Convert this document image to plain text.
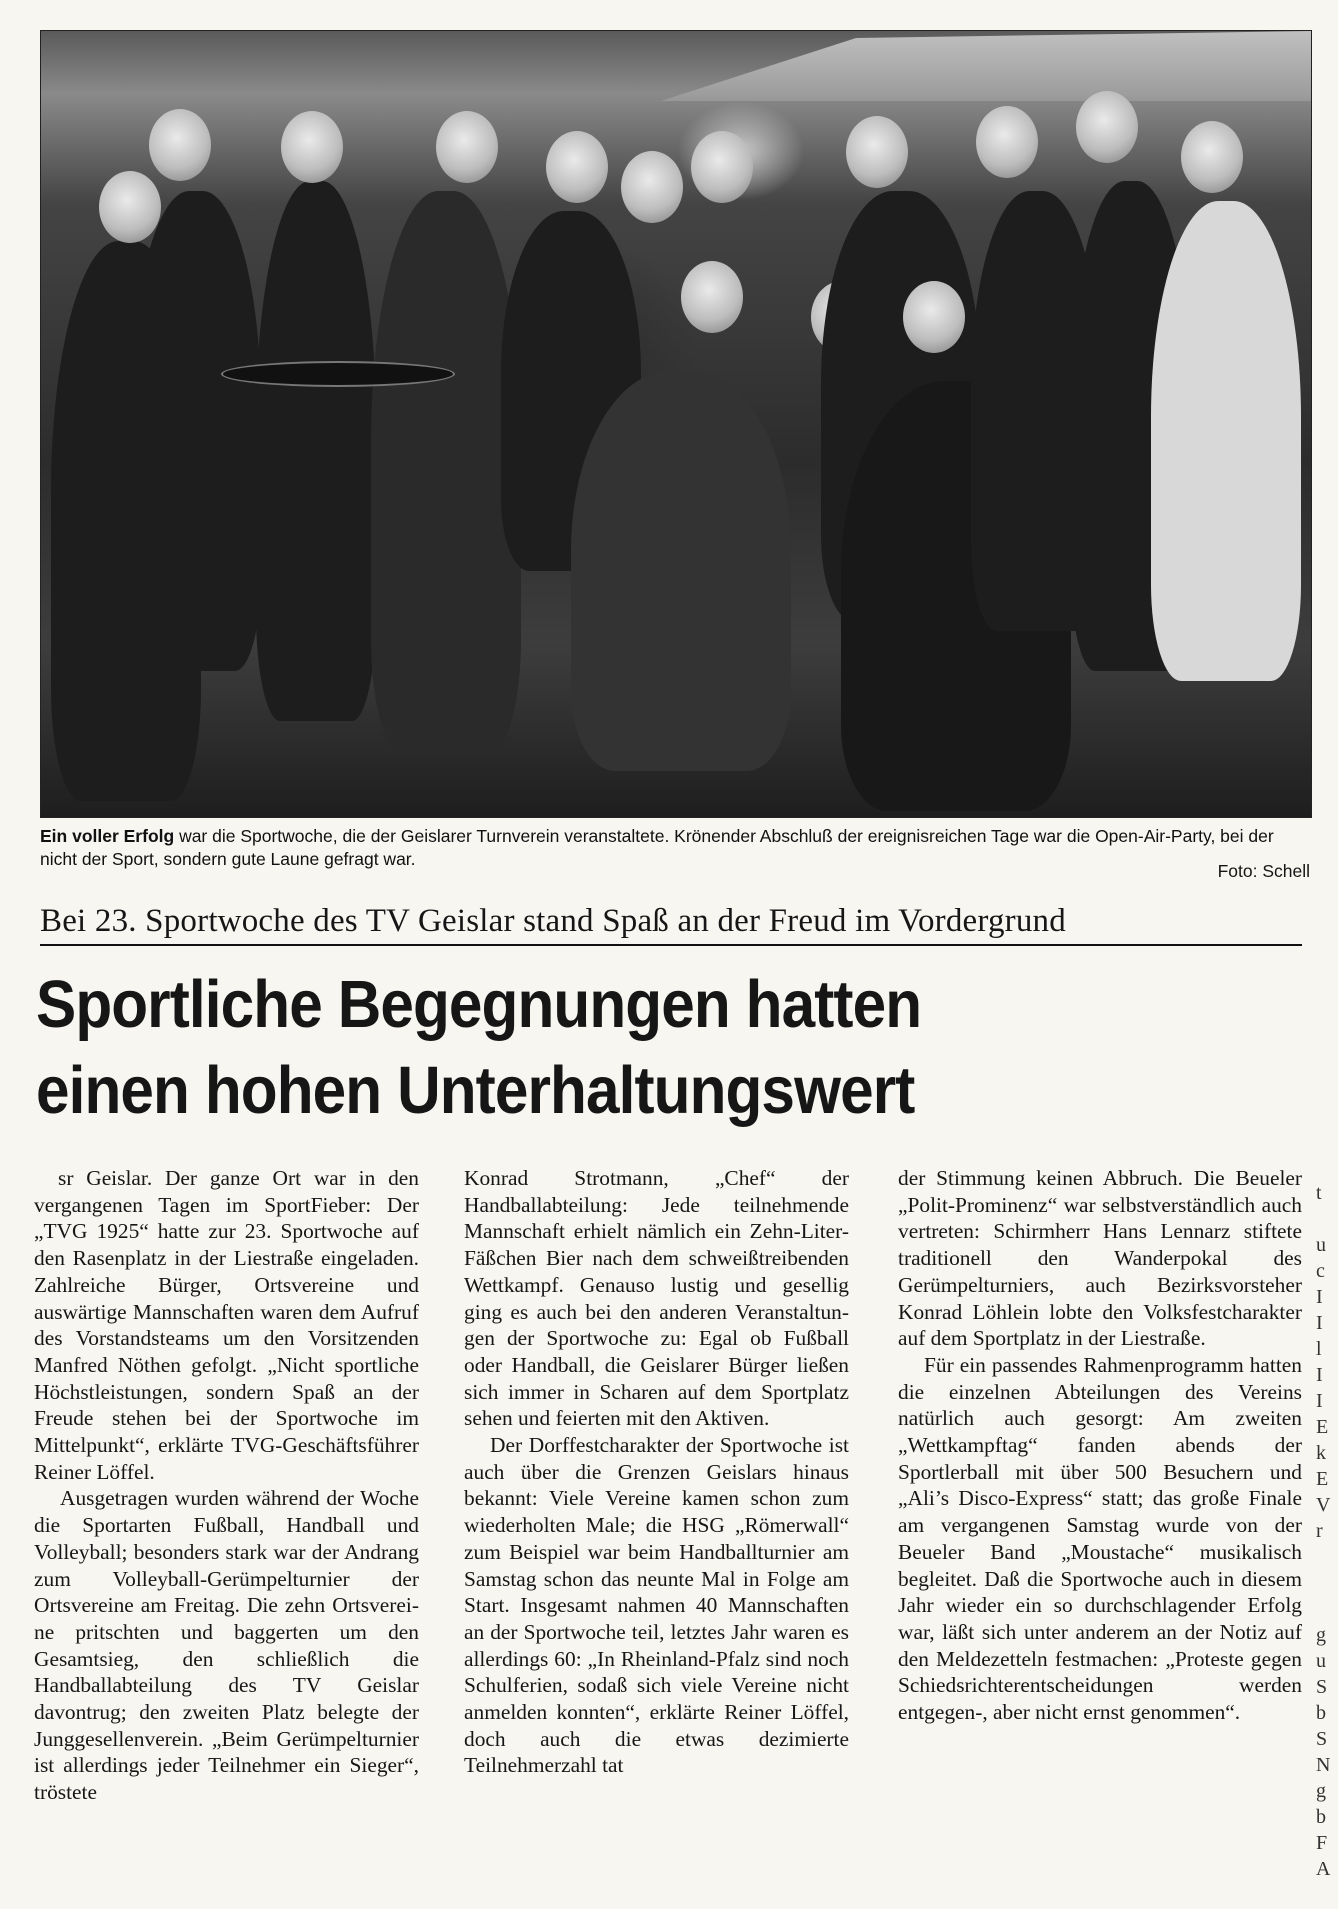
Ein voller Erfolg war die Sportwoche, die der Geislarer Turnverein veranstaltete. Krönender Abschluß der ereignisreichen Tage war die Open-Air-Party, bei der nicht der Sport, sondern gute Laune gefragt war.
Foto: Schell
Bei 23. Sportwoche des TV Geislar stand Spaß an der Freud im Vordergrund
Sportliche Begegnungen hatten
einen hohen Unterhaltungswert

sr Geislar. Der ganze Ort war in den vergangenen Tagen im SportFieber: Der „TVG 1925“ hatte zur 23. Sportwoche auf den Rasenplatz in der Liestraße eingeladen. Zahlreiche Bürger, Ortsvereine und auswärtige Mannschaften waren dem Aufruf des Vorstandsteams um den Vorsitzenden Manfred Nöthen gefolgt. „Nicht sportliche Höchstleistungen, sondern Spaß an der Freude stehen bei der Sportwoche im Mittelpunkt“, erklärte TVG-Geschäftsführer Reiner Löffel.

Ausgetragen wurden während der Woche die Sportarten Fußball, Handball und Volleyball; besonders stark war der Andrang zum Volleyball-Gerümpelturnier der Ortsvereine am Freitag. Die zehn Ortsvereine pritschten und baggerten um den Gesamtsieg, den schließlich die Handballabteilung des TV Geislar davontrug; den zweiten Platz belegte der Junggesellenverein. „Beim Gerümpelturnier ist allerdings jeder Teilnehmer ein Sieger“, tröstete

Konrad Strotmann, „Chef“ der Handballabteilung: Jede teilnehmende Mannschaft erhielt nämlich ein Zehn-Liter-Fäßchen Bier nach dem schweißtreibenden Wettkampf. Genauso lustig und gesellig ging es auch bei den anderen Veranstaltungen der Sportwoche zu: Egal ob Fußball oder Handball, die Geislarer Bürger ließen sich immer in Scharen auf dem Sportplatz sehen und feierten mit den Aktiven.

Der Dorffestcharakter der Sportwoche ist auch über die Grenzen Geislars hinaus bekannt: Viele Vereine kamen schon zum wiederholten Male; die HSG „Römerwall“ zum Beispiel war beim Handballturnier am Samstag schon das neunte Mal in Folge am Start. Insgesamt nahmen 40 Mannschaften an der Sportwoche teil, letztes Jahr waren es allerdings 60: „In Rheinland-Pfalz sind noch Schulferien, sodaß sich viele Vereine nicht anmelden konnten“, erklärte Reiner Löffel, doch auch die etwas dezimierte Teilnehmerzahl tat

der Stimmung keinen Abbruch. Die Beueler „Polit-Prominenz“ war selbstverständlich auch vertreten: Schirmherr Hans Lennarz stiftete traditionell den Wanderpokal des Gerümpelturniers, auch Bezirksvorsteher Konrad Löhlein lobte den Volksfestcharakter auf dem Sportplatz in der Liestraße.

Für ein passendes Rahmenprogramm hatten die einzelnen Abteilungen des Vereins natürlich auch gesorgt: Am zweiten „Wettkampftag“ fanden abends der Sportlerball mit über 500 Besuchern und „Ali’s Disco-Express“ statt; das große Finale am vergangenen Samstag wurde von der Beueler Band „Moustache“ musikalisch begleitet. Daß die Sportwoche auch in diesem Jahr wieder ein so durchschlagender Erfolg war, läßt sich unter anderem an der Notiz auf den Meldezetteln festmachen: „Proteste gegen Schiedsrichterentscheidungen werden entgegen-, aber nicht ernst genommen“.

t

u
c
I
I
l
I
I
E
k
E
V
r

g
u
S
b
S
N
g
b
F
A
